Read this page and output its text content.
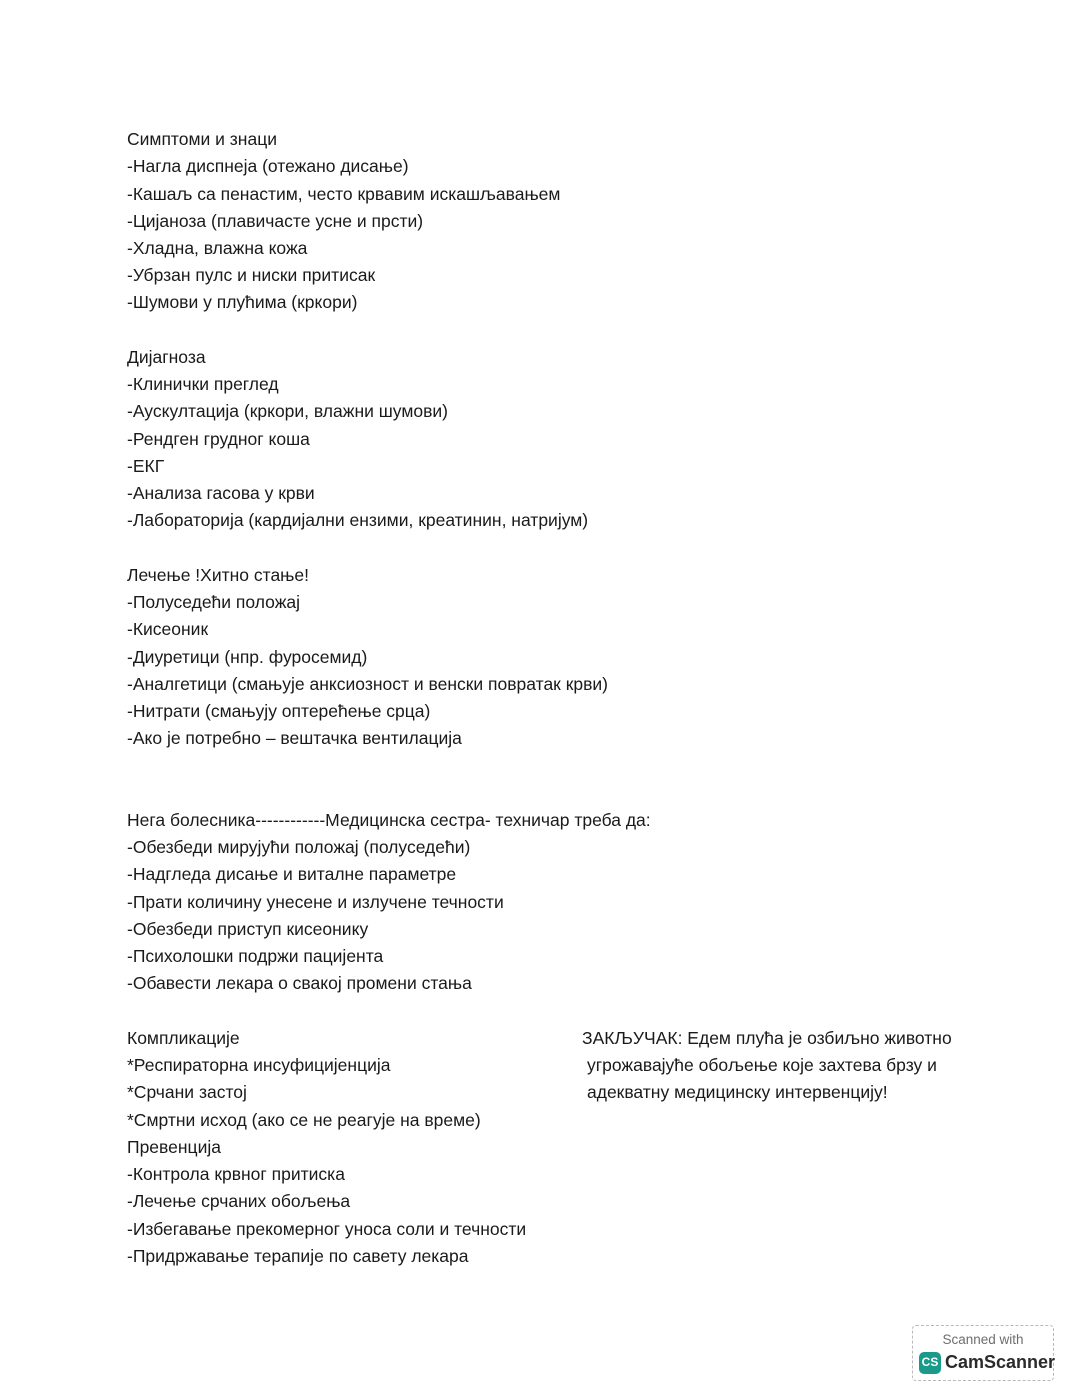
Симптоми и знаци
-Нагла диспнеја (отежано дисање)
-Кашаљ са пенастим, често крвавим искашљавањем
-Цијаноза (плавичасте усне и прсти)
-Хладна, влажна кожа
-Убрзан пулс и ниски притисак
-Шумови у плућима (кркори)
Дијагноза
-Клинички преглед
-Аускултација (кркори, влажни шумови)
-Рендген грудног коша
-ЕКГ
-Анализа гасова у крви
-Лабораторија (кардијални ензими, креатинин, натријум)
Лечење !Хитно стање!
-Полуседећи положај
-Кисеоник
-Диуретици (нпр. фуросемид)
-Аналгетици (смањује анксиозност и венски повратак крви)
-Нитрати (смањују оптерећење срца)
-Ако је потребно – вештачка вентилација
Нега болесника------------Медицинска сестра- техничар треба да:
-Обезбеди мирујући положај (полуседећи)
-Надгледа дисање и виталне параметре
-Прати количину унесене и излучене течности
-Обезбеди приступ кисеонику
-Психолошки подржи пацијента
-Обавести лекара о свакој промени стања
Компликације
*Респираторна инсуфицијенција
*Срчани застој
*Смртни исход (ако се не реагује на време)
Превенција
-Контрола крвног притиска
-Лечење срчаних обољења
-Избегавање прекомерног уноса соли и течности
-Придржавање терапије по савету лекара
ЗАКЉУЧАК: Едем плућа је озбиљно животно
угрожавајуће обољење које захтева брзу и
адекватну медицинску интервенцију!
Scanned with
CS CamScanner
